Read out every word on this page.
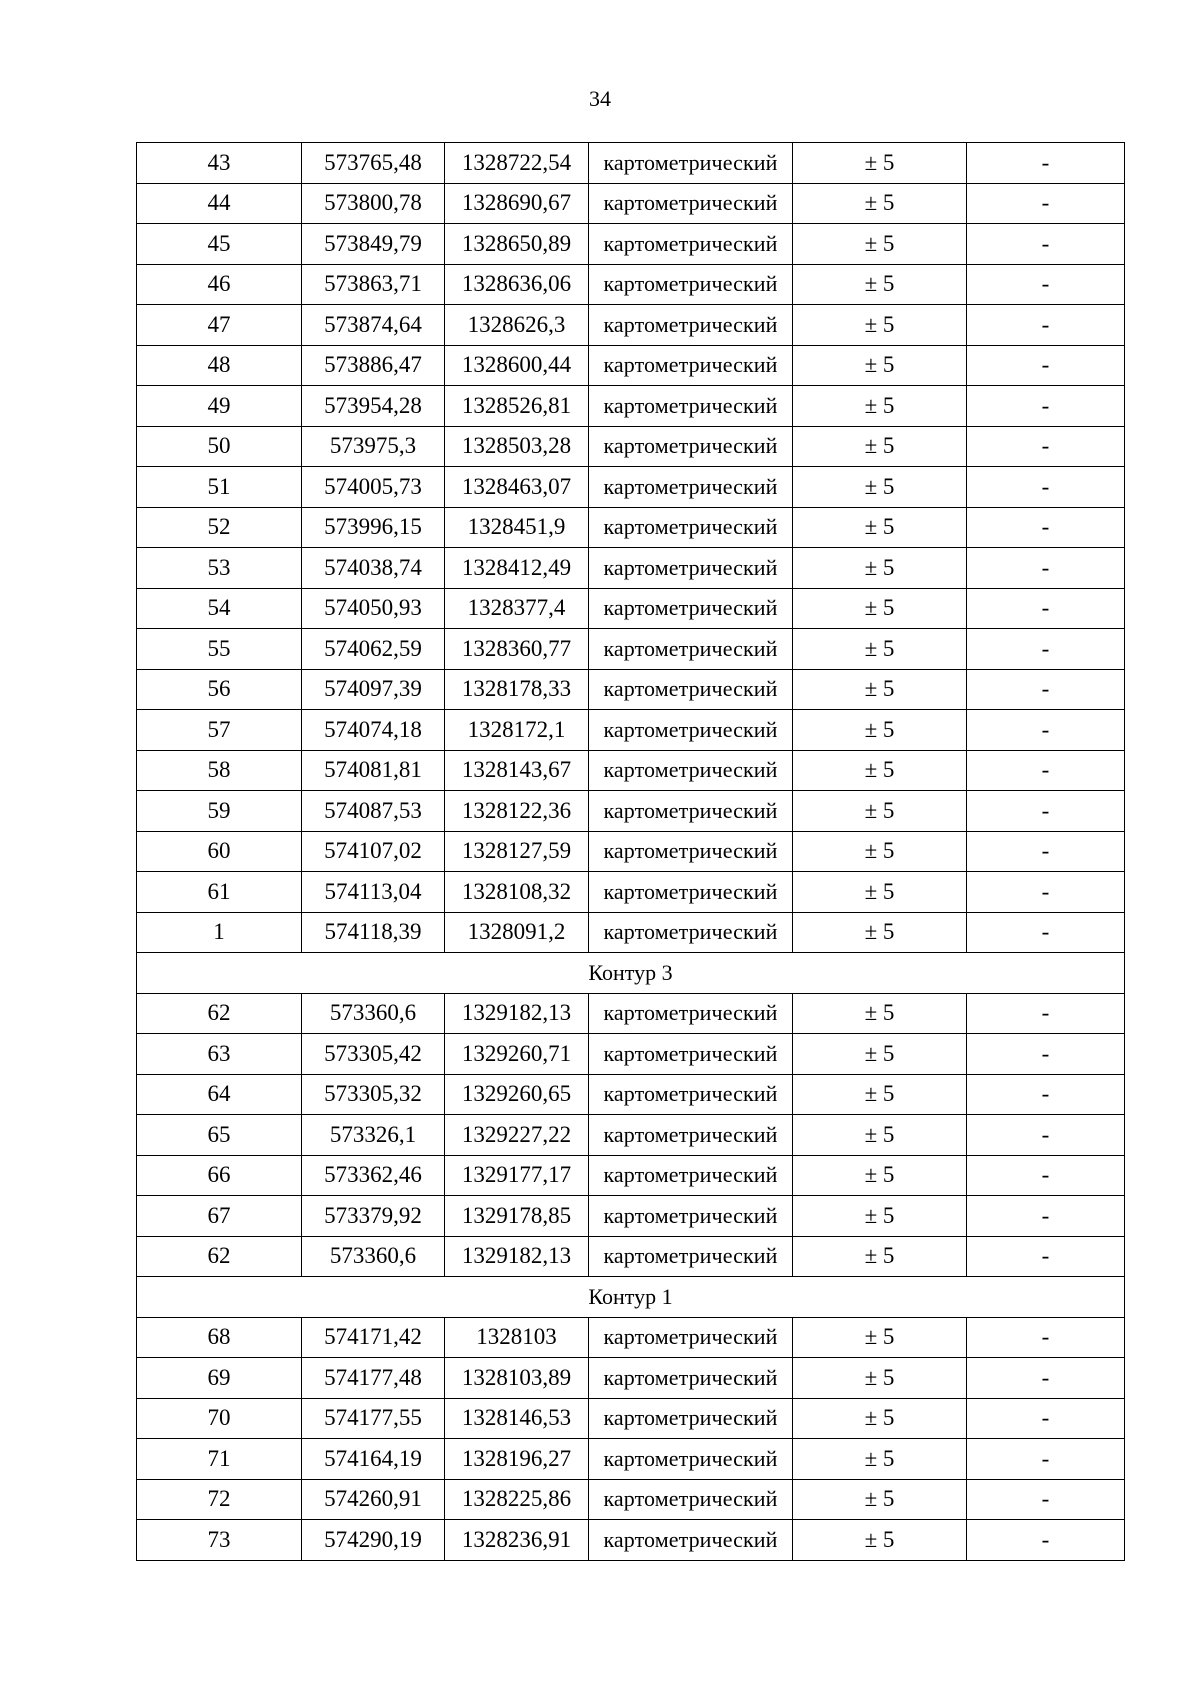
34
43	573765,48	1328722,54	картометрический	± 5	-
44	573800,78	1328690,67	картометрический	± 5	-
45	573849,79	1328650,89	картометрический	± 5	-
46	573863,71	1328636,06	картометрический	± 5	-
47	573874,64	1328626,3	картометрический	± 5	-
48	573886,47	1328600,44	картометрический	± 5	-
49	573954,28	1328526,81	картометрический	± 5	-
50	573975,3	1328503,28	картометрический	± 5	-
51	574005,73	1328463,07	картометрический	± 5	-
52	573996,15	1328451,9	картометрический	± 5	-
53	574038,74	1328412,49	картометрический	± 5	-
54	574050,93	1328377,4	картометрический	± 5	-
55	574062,59	1328360,77	картометрический	± 5	-
56	574097,39	1328178,33	картометрический	± 5	-
57	574074,18	1328172,1	картометрический	± 5	-
58	574081,81	1328143,67	картометрический	± 5	-
59	574087,53	1328122,36	картометрический	± 5	-
60	574107,02	1328127,59	картометрический	± 5	-
61	574113,04	1328108,32	картометрический	± 5	-
1	574118,39	1328091,2	картометрический	± 5	-
Контур 3					
62	573360,6	1329182,13	картометрический	± 5	-
63	573305,42	1329260,71	картометрический	± 5	-
64	573305,32	1329260,65	картометрический	± 5	-
65	573326,1	1329227,22	картометрический	± 5	-
66	573362,46	1329177,17	картометрический	± 5	-
67	573379,92	1329178,85	картометрический	± 5	-
62	573360,6	1329182,13	картометрический	± 5	-
Контур 1					
68	574171,42	1328103	картометрический	± 5	-
69	574177,48	1328103,89	картометрический	± 5	-
70	574177,55	1328146,53	картометрический	± 5	-
71	574164,19	1328196,27	картометрический	± 5	-
72	574260,91	1328225,86	картометрический	± 5	-
73	574290,19	1328236,91	картометрический	± 5	-
